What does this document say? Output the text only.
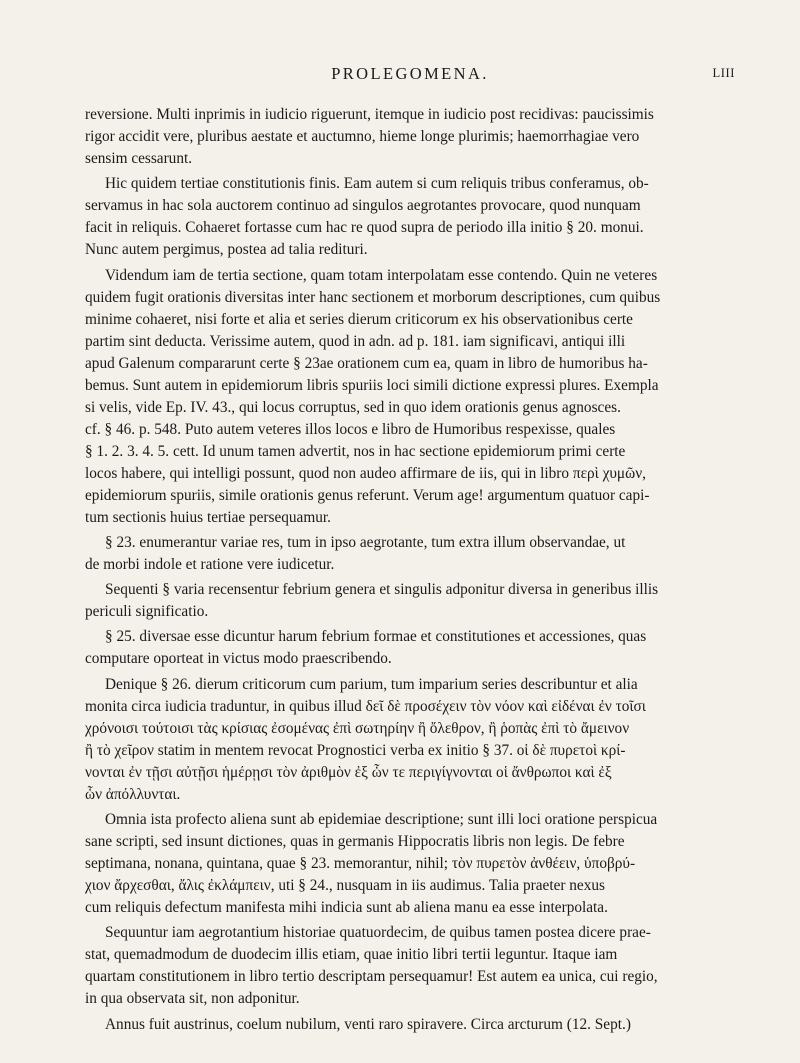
PROLEGOMENA.	LIII

reversione. Multi inprimis in iudicio riguerunt, itemque in iudicio post recidivas: paucissimis
rigor accidit vere, pluribus aestate et auctumno, hieme longe plurimis; haemorrhagiae vero
sensim cessarunt.

Hic quidem tertiae constitutionis finis. Eam autem si cum reliquis tribus conferamus, ob-
servamus in hac sola auctorem continuo ad singulos aegrotantes provocare, quod nunquam
facit in reliquis. Cohaeret fortasse cum hac re quod supra de periodo illa initio § 20. monui.
Nunc autem pergimus, postea ad talia redituri.

Videndum iam de tertia sectione, quam totam interpolatam esse contendo. Quin ne veteres
quidem fugit orationis diversitas inter hanc sectionem et morborum descriptiones, cum quibus
minime cohaeret, nisi forte et alia et series dierum criticorum ex his observationibus certe
partim sint deducta. Verissime autem, quod in adn. ad p. 181. iam significavi, antiqui illi
apud Galenum compararunt certe § 23ae orationem cum ea, quam in libro de humoribus ha-
bemus. Sunt autem in epidemiorum libris spuriis loci simili dictione expressi plures. Exempla
si velis, vide Ep. IV. 43., qui locus corruptus, sed in quo idem orationis genus agnosces.
cf. § 46. p. 548. Puto autem veteres illos locos e libro de Humoribus respexisse, quales
§ 1. 2. 3. 4. 5. cett. Id unum tamen advertit, nos in hac sectione epidemiorum primi certe
locos habere, qui intelligi possunt, quod non audeo affirmare de iis, qui in libro περὶ χυμῶν,
epidemiorum spuriis, simile orationis genus referunt. Verum age! argumentum quatuor capi-
tum sectionis huius tertiae persequamur.

§ 23. enumerantur variae res, tum in ipso aegrotante, tum extra illum observandae, ut
de morbi indole et ratione vere iudicetur.

Sequenti § varia recensentur febrium genera et singulis adponitur diversa in generibus illis
periculi significatio.

§ 25. diversae esse dicuntur harum febrium formae et constitutiones et accessiones, quas
computare oporteat in victus modo praescribendo.

Denique § 26. dierum criticorum cum parium, tum imparium series describuntur et alia
monita circa iudicia traduntur, in quibus illud δεῖ δὲ προσέχειν τὸν νόον καὶ εἰδέναι ἐν τοῖσι
χρόνοισι τούτοισι τὰς κρίσιας ἐσομένας ἐπὶ σωτηρίην ἢ ὄλεθρον, ἢ ῥοπὰς ἐπὶ τὸ ἄμεινον
ἢ τὸ χεῖρον statim in mentem revocat Prognostici verba ex initio § 37. οἱ δὲ πυρετοὶ κρί-
νονται ἐν τῇσι αὐτῇσι ἡμέρῃσι τὸν ἀριθμὸν ἐξ ὧν τε περιγίγνονται οἱ ἄνθρωποι καὶ ἐξ
ὧν ἀπόλλυνται.

Omnia ista profecto aliena sunt ab epidemiae descriptione; sunt illi loci oratione perspicua
sane scripti, sed insunt dictiones, quas in germanis Hippocratis libris non legis. De febre
septimana, nonana, quintana, quae § 23. memorantur, nihil; τὸν πυρετὸν ἀνθέειν, ὑποβρύ-
χιον ἄρχεσθαι, ἄλις ἐκλάμπειν, uti § 24., nusquam in iis audimus. Talia praeter nexus
cum reliquis defectum manifesta mihi indicia sunt ab aliena manu ea esse interpolata.

Sequuntur iam aegrotantium historiae quatuordecim, de quibus tamen postea dicere prae-
stat, quemadmodum de duodecim illis etiam, quae initio libri tertii leguntur. Itaque iam
quartam constitutionem in libro tertio descriptam persequamur! Est autem ea unica, cui regio,
in qua observata sit, non adponitur.

Annus fuit austrinus, coelum nubilum, venti raro spiravere. Circa arcturum (12. Sept.)
